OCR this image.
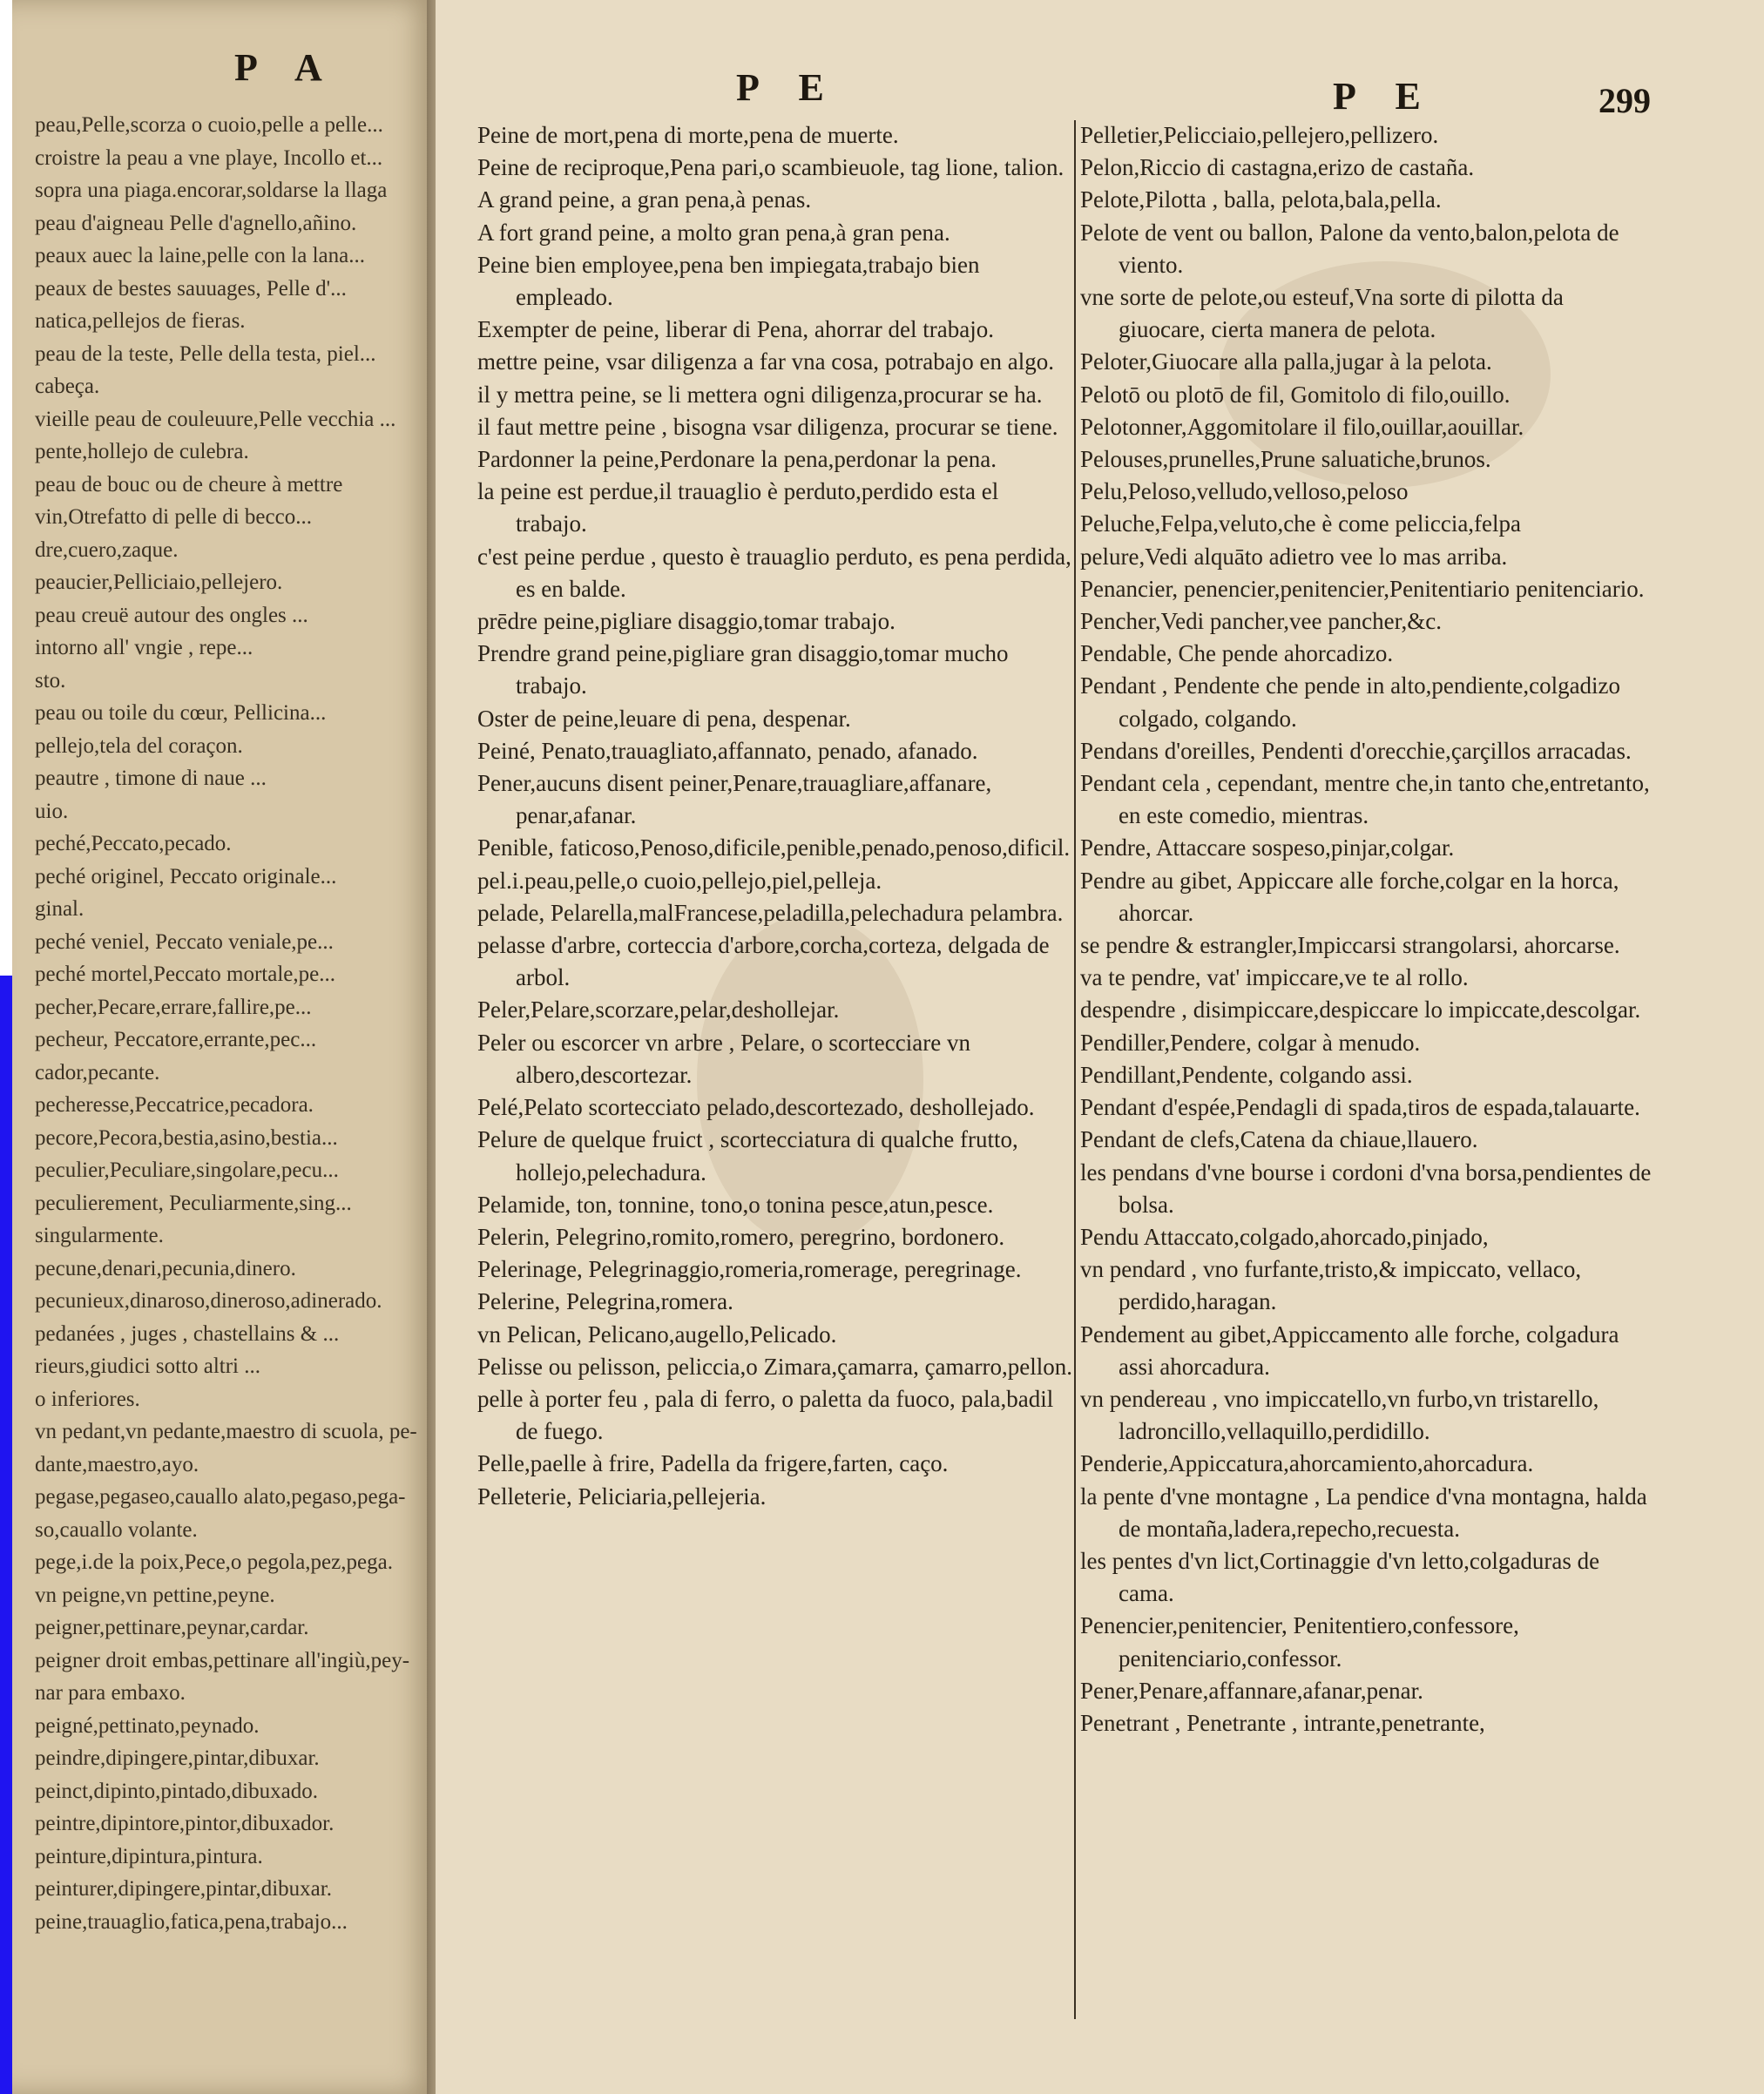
P A

peau,Pelle,scorza o cuoio,pelle a pelle...

croistre la peau a vne playe, Incollo et...

sopra una piaga.encorar,soldarse la llaga

peau d'aigneau Pelle d'agnello,añino.

peaux auec la laine,pelle con la lana...

peaux de bestes sauuages, Pelle d'...

natica,pellejos de fieras.

peau de la teste, Pelle della testa, piel...

cabeça.

vieille peau de couleuure,Pelle vecchia ...

pente,hollejo de culebra.

peau de bouc ou de cheure à mettre

vin,Otrefatto di pelle di becco...

dre,cuero,zaque.

peaucier,Pelliciaio,pellejero.

peau creuë autour des ongles ...

intorno all' vngie , repe...

sto.

peau ou toile du cœur, Pellicina...

pellejo,tela del coraçon.

peautre , timone di naue ...

uio.

peché,Peccato,pecado.

peché originel, Peccato originale...

ginal.

peché veniel, Peccato veniale,pe...

peché mortel,Peccato mortale,pe...

pecher,Pecare,errare,fallire,pe...

pecheur, Peccatore,errante,pec...

cador,pecante.

pecheresse,Peccatrice,pecadora.

pecore,Pecora,bestia,asino,bestia...

peculier,Peculiare,singolare,pecu...

peculierement, Peculiarmente,sing...

singularmente.

pecune,denari,pecunia,dinero.

pecunieux,dinaroso,dineroso,adinerado.

pedanées , juges , chastellains & ...

rieurs,giudici sotto altri ...

o inferiores.

vn pedant,vn pedante,maestro di scuola, pe-

dante,maestro,ayo.

pegase,pegaseo,cauallo alato,pegaso,pega-

so,cauallo volante.

pege,i.de la poix,Pece,o pegola,pez,pega.

vn peigne,vn pettine,peyne.

peigner,pettinare,peynar,cardar.

peigner droit embas,pettinare all'ingiù,pey-

nar para embaxo.

peigné,pettinato,peynado.

peindre,dipingere,pintar,dibuxar.

peinct,dipinto,pintado,dibuxado.

peintre,dipintore,pintor,dibuxador.

peinture,dipintura,pintura.

peinturer,dipingere,pintar,dibuxar.

peine,trauaglio,fatica,pena,trabajo...

P E	P E	299

Peine de mort,pena di morte,pena de muerte.

Peine de reciproque,Pena pari,o scambieuole, tag lione, talion.

A grand peine, a gran pena,à penas.

A fort grand peine, a molto gran pena,à gran pena.

Peine bien employee,pena ben impiegata,trabajo bien empleado.

Exempter de peine, liberar di Pena, ahorrar del trabajo.

mettre peine, vsar diligenza a far vna cosa, potrabajo en algo.

il y mettra peine, se li mettera ogni diligenza,procurar se ha.

il faut mettre peine , bisogna vsar diligenza, procurar se tiene.

Pardonner la peine,Perdonare la pena,perdonar la pena.

la peine est perdue,il trauaglio è perduto,perdido esta el trabajo.

c'est peine perdue , questo è trauaglio perduto, es pena perdida, es en balde.

prēdre peine,pigliare disaggio,tomar trabajo.

Prendre grand peine,pigliare gran disaggio,tomar mucho trabajo.

Oster de peine,leuare di pena, despenar.

Peiné, Penato,trauagliato,affannato, penado, afanado.

Pener,aucuns disent peiner,Penare,trauagliare,affanare, penar,afanar.

Penible, faticoso,Penoso,dificile,penible,penado,penoso,dificil.

pel.i.peau,pelle,o cuoio,pellejo,piel,pelleja.

pelade, Pelarella,malFrancese,peladilla,pelechadura pelambra.

pelasse d'arbre, corteccia d'arbore,corcha,corteza, delgada de arbol.

Peler,Pelare,scorzare,pelar,deshollejar.

Peler ou escorcer vn arbre , Pelare, o scortecciare vn albero,descortezar.

Pelé,Pelato scortecciato pelado,descortezado, deshollejado.

Pelure de quelque fruict , scortecciatura di qualche frutto, hollejo,pelechadura.

Pelamide, ton, tonnine, tono,o tonina pesce,atun,pesce.

Pelerin, Pelegrino,romito,romero, peregrino, bordonero.

Pelerinage, Pelegrinaggio,romeria,romerage, peregrinage.

Pelerine, Pelegrina,romera.

vn Pelican, Pelicano,augello,Pelicado.

Pelisse ou pelisson, peliccia,o Zimara,çamarra, çamarro,pellon.

pelle à porter feu , pala di ferro, o paletta da fuoco, pala,badil de fuego.

Pelle,paelle à frire, Padella da frigere,farten, caço.

Pelleterie, Peliciaria,pellejeria.

Pelletier,Pelicciaio,pellejero,pellizero.

Pelon,Riccio di castagna,erizo de castaña.

Pelote,Pilotta , balla, pelota,bala,pella.

Pelote de vent ou ballon, Palone da vento,balon,pelota de viento.

vne sorte de pelote,ou esteuf,Vna sorte di pilotta da giuocare, cierta manera de pelota.

Peloter,Giuocare alla palla,jugar à la pelota.

Pelotō ou plotō de fil, Gomitolo di filo,ouillo.

Pelotonner,Aggomitolare il filo,ouillar,aouillar.

Pelouses,prunelles,Prune saluatiche,brunos.

Pelu,Peloso,velludo,velloso,peloso

Peluche,Felpa,veluto,che è come peliccia,felpa

pelure,Vedi alquāto adietro vee lo mas arriba.

Penancier, penencier,penitencier,Penitentiario penitenciario.

Pencher,Vedi pancher,vee pancher,&c.

Pendable, Che pende ahorcadizo.

Pendant , Pendente che pende in alto,pendiente,colgadizo colgado, colgando.

Pendans d'oreilles, Pendenti d'orecchie,çarçillos arracadas.

Pendant cela , cependant, mentre che,in tanto che,entretanto, en este comedio, mientras.

Pendre, Attaccare sospeso,pinjar,colgar.

Pendre au gibet, Appiccare alle forche,colgar en la horca, ahorcar.

se pendre & estrangler,Impiccarsi strangolarsi, ahorcarse.

va te pendre, vat' impiccare,ve te al rollo.

despendre , disimpiccare,despiccare lo impiccate,descolgar.

Pendiller,Pendere, colgar à menudo.

Pendillant,Pendente, colgando assi.

Pendant d'espée,Pendagli di spada,tiros de espada,talauarte.

Pendant de clefs,Catena da chiaue,llauero.

les pendans d'vne bourse i cordoni d'vna borsa,pendientes de bolsa.

Pendu Attaccato,colgado,ahorcado,pinjado,

vn pendard , vno furfante,tristo,& impiccato, vellaco, perdido,haragan.

Pendement au gibet,Appiccamento alle forche, colgadura assi ahorcadura.

vn pendereau , vno impiccatello,vn furbo,vn tristarello, ladroncillo,vellaquillo,perdidillo.

Penderie,Appiccatura,ahorcamiento,ahorcadura.

la pente d'vne montagne , La pendice d'vna montagna, halda de montaña,ladera,repecho,recuesta.

les pentes d'vn lict,Cortinaggie d'vn letto,colgaduras de cama.

Penencier,penitencier, Penitentiero,confessore, penitenciario,confessor.

Pener,Penare,affannare,afanar,penar.

Penetrant , Penetrante , intrante,penetrante,
